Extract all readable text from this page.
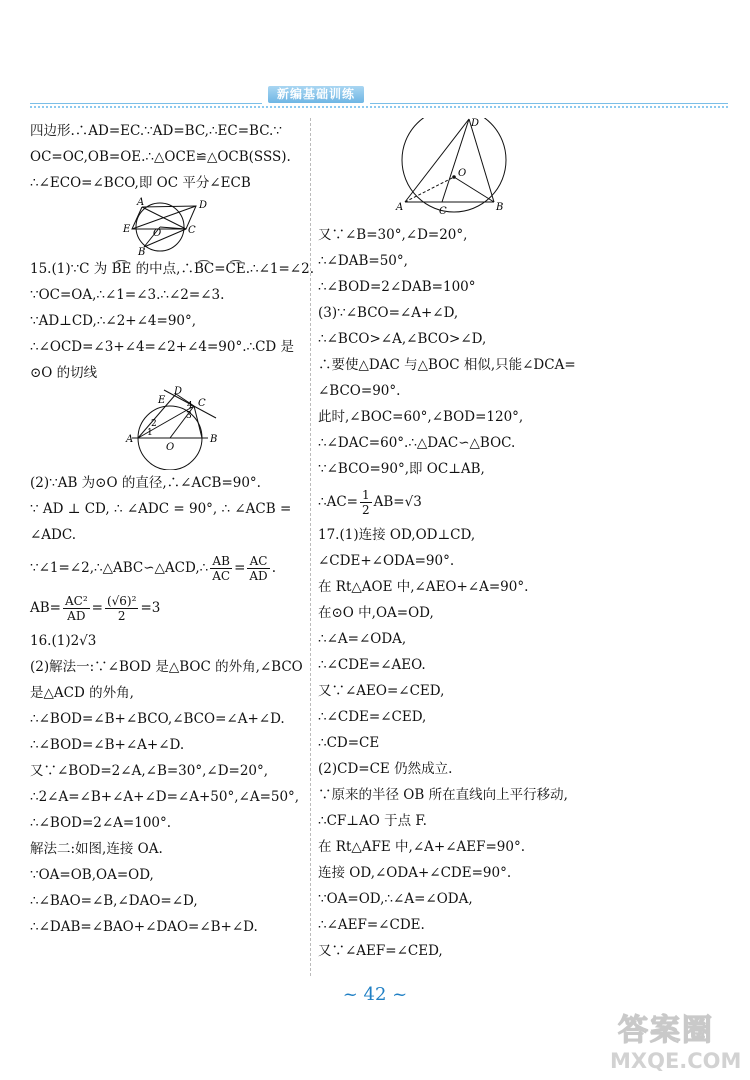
新编基础训练
四边形.∴AD=EC.∵AD=BC,∴EC=BC.∵
OC=OC,OB=OE.∴△OCE≌△OCB(SSS).
∴∠ECO=∠BCO,即 OC 平分∠ECB
A	D
E O	C
B
15.(1)∵C 为 B͡E 的中点,∴B͡C=C͡E.∴∠1=∠2.
∵OC=OA,∴∠1=∠3.∴∠2=∠3.
∵AD⊥CD,∴∠2+∠4=90°,
∴∠OCD=∠3+∠4=∠2+∠4=90°.∴CD 是
⊙O 的切线
D
E	C
A
O
B
1
2
3
4
(2)∵AB 为⊙O 的直径,∴∠ACB=90°.
∵ AD ⊥ CD, ∴ ∠ADC = 90°, ∴ ∠ACB =
∠ADC.
∵∠1=∠2,∴△ABC∽△ACD,∴ $\frac{AB}{AC} = \frac{AC}{AD}$ .
$AB= \frac{\text{AC²}}{AD} = \frac{\text{(√6)²}}{2} =3$
16.(1)2√3
(2)解法一:∵∠BOD 是△BOC 的外角,∠BCO
是△ACD 的外角,
∴∠BOD=∠B+∠BCO,∠BCO=∠A+∠D.
∴∠BOD=∠B+∠A+∠D.
又∵∠BOD=2∠A,∠B=30°,∠D=20°,
∴2∠A=∠B+∠A+∠D=∠A+50°,∠A=50°,
∴∠BOD=2∠A=100°.
解法二:如图,连接 OA.
∵OA=OB,OA=OD,
∴∠BAO=∠B,∠DAO=∠D,
∴∠DAB=∠BAO+∠DAO=∠B+∠D.
D
O
A	C	B
又∵∠B=30°,∠D=20°,
∴∠DAB=50°,
∴∠BOD=2∠DAB=100°
(3)∵∠BCO=∠A+∠D,
∴∠BCO>∠A,∠BCO>∠D,
∴要使△DAC 与△BOC 相似,只能∠DCA=
∠BCO=90°.
此时,∠BOC=60°,∠BOD=120°,
∴∠DAC=60°.∴△DAC∽△BOC.
∵∠BCO=90°,即 OC⊥AB,
∴AC= $\frac{1}{2} AB=√3$
17.(1)连接 OD,OD⊥CD,
∠CDE+∠ODA=90°.
在 Rt△AOE 中,∠AEO+∠A=90°.
在⊙O 中,OA=OD,
∴∠A=∠ODA,
∴∠CDE=∠AEO.
又∵∠AEO=∠CED,
∴∠CDE=∠CED,
∴CD=CE
(2)CD=CE 仍然成立.
∵原来的半径 OB 所在直线向上平行移动,
∴CF⊥AO 于点 F.
在 Rt△AFE 中,∠A+∠AEF=90°.
连接 OD,∠ODA+∠CDE=90°.
∵OA=OD,∴∠A=∠ODA,
∴∠AEF=∠CDE.
又∵∠AEF=∠CED,
~ 42 ~
答案圈
MXQE.COM
